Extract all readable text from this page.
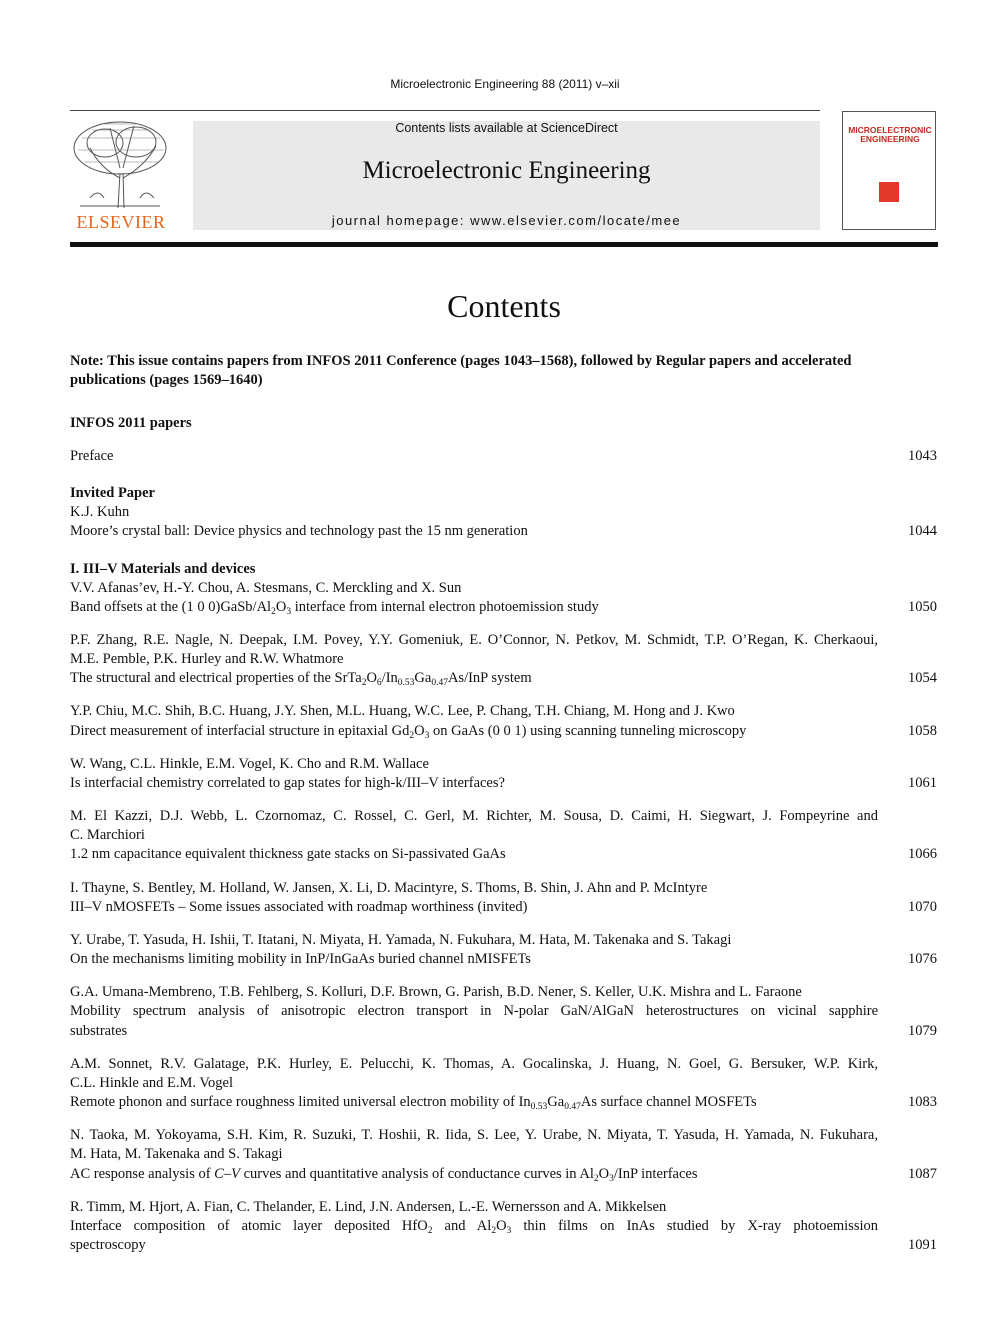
Microelectronic Engineering 88 (2011) v–xii
ELSEVIER
Contents lists available at ScienceDirect
Microelectronic Engineering
journal homepage: www.elsevier.com/locate/mee
MICROELECTRONIC ENGINEERING
Contents
Note: This issue contains papers from INFOS 2011 Conference (pages 1043–1568), followed by Regular papers and accelerated publications (pages 1569–1640)
INFOS 2011 papers
Preface	1043
Invited Paper
K.J. Kuhn
Moore’s crystal ball: Device physics and technology past the 15 nm generation	1044
I. III–V Materials and devices
V.V. Afanas’ev, H.-Y. Chou, A. Stesmans, C. Merckling and X. Sun
Band offsets at the (1 0 $0)GaSb/Al_2O_3$ interface from internal electron photoemission study	1050
P.F. Zhang, R.E. Nagle, N. Deepak, I.M. Povey, Y.Y. Gomeniuk, E. O’Connor, N. Petkov, M. Schmidt, T.P. O’Regan, K. Cherkaoui,
M.E. Pemble, P.K. Hurley and R.W. Whatmore
The structural and electrical properties of the $SrTa_2O_6/In_{0.53}Ga_{0.47}As$/InP system	1054
Y.P. Chiu, M.C. Shih, B.C. Huang, J.Y. Shen, M.L. Huang, W.C. Lee, P. Chang, T.H. Chiang, M. Hong and J. Kwo
Direct measurement of interfacial structure in epitaxial $Gd_2O_3$ on GaAs (0 0 1) using scanning tunneling microscopy	1058
W. Wang, C.L. Hinkle, E.M. Vogel, K. Cho and R.M. Wallace
Is interfacial chemistry correlated to gap states for high-k/III–V interfaces?	1061
M. El Kazzi, D.J. Webb, L. Czornomaz, C. Rossel, C. Gerl, M. Richter, M. Sousa, D. Caimi, H. Siegwart, J. Fompeyrine and
C. Marchiori
1.2 nm capacitance equivalent thickness gate stacks on Si-passivated GaAs	1066
I. Thayne, S. Bentley, M. Holland, W. Jansen, X. Li, D. Macintyre, S. Thoms, B. Shin, J. Ahn and P. McIntyre
III–V nMOSFETs – Some issues associated with roadmap worthiness (invited)	1070
Y. Urabe, T. Yasuda, H. Ishii, T. Itatani, N. Miyata, H. Yamada, N. Fukuhara, M. Hata, M. Takenaka and S. Takagi
On the mechanisms limiting mobility in InP/InGaAs buried channel nMISFETs	1076
G.A. Umana-Membreno, T.B. Fehlberg, S. Kolluri, D.F. Brown, G. Parish, B.D. Nener, S. Keller, U.K. Mishra and L. Faraone
Mobility spectrum analysis of anisotropic electron transport in N-polar GaN/AlGaN heterostructures on vicinal sapphire
substrates	1079
A.M. Sonnet, R.V. Galatage, P.K. Hurley, E. Pelucchi, K. Thomas, A. Gocalinska, J. Huang, N. Goel, G. Bersuker, W.P. Kirk,
C.L. Hinkle and E.M. Vogel
Remote phonon and surface roughness limited universal electron mobility of $In_{0.53}Ga_{0.47}As$ surface channel MOSFETs	1083
N. Taoka, M. Yokoyama, S.H. Kim, R. Suzuki, T. Hoshii, R. Iida, S. Lee, Y. Urabe, N. Miyata, T. Yasuda, H. Yamada, N. Fukuhara,
M. Hata, M. Takenaka and S. Takagi
AC response analysis of C–V curves and quantitative analysis of conductance curves in $Al_2O_3$/InP interfaces	1087
R. Timm, M. Hjort, A. Fian, C. Thelander, E. Lind, J.N. Andersen, L.-E. Wernersson and A. Mikkelsen
Interface composition of atomic layer deposited HfO$_2$ and $Al_2O_3$ thin films on InAs studied by X-ray photoemission
spectroscopy	1091
